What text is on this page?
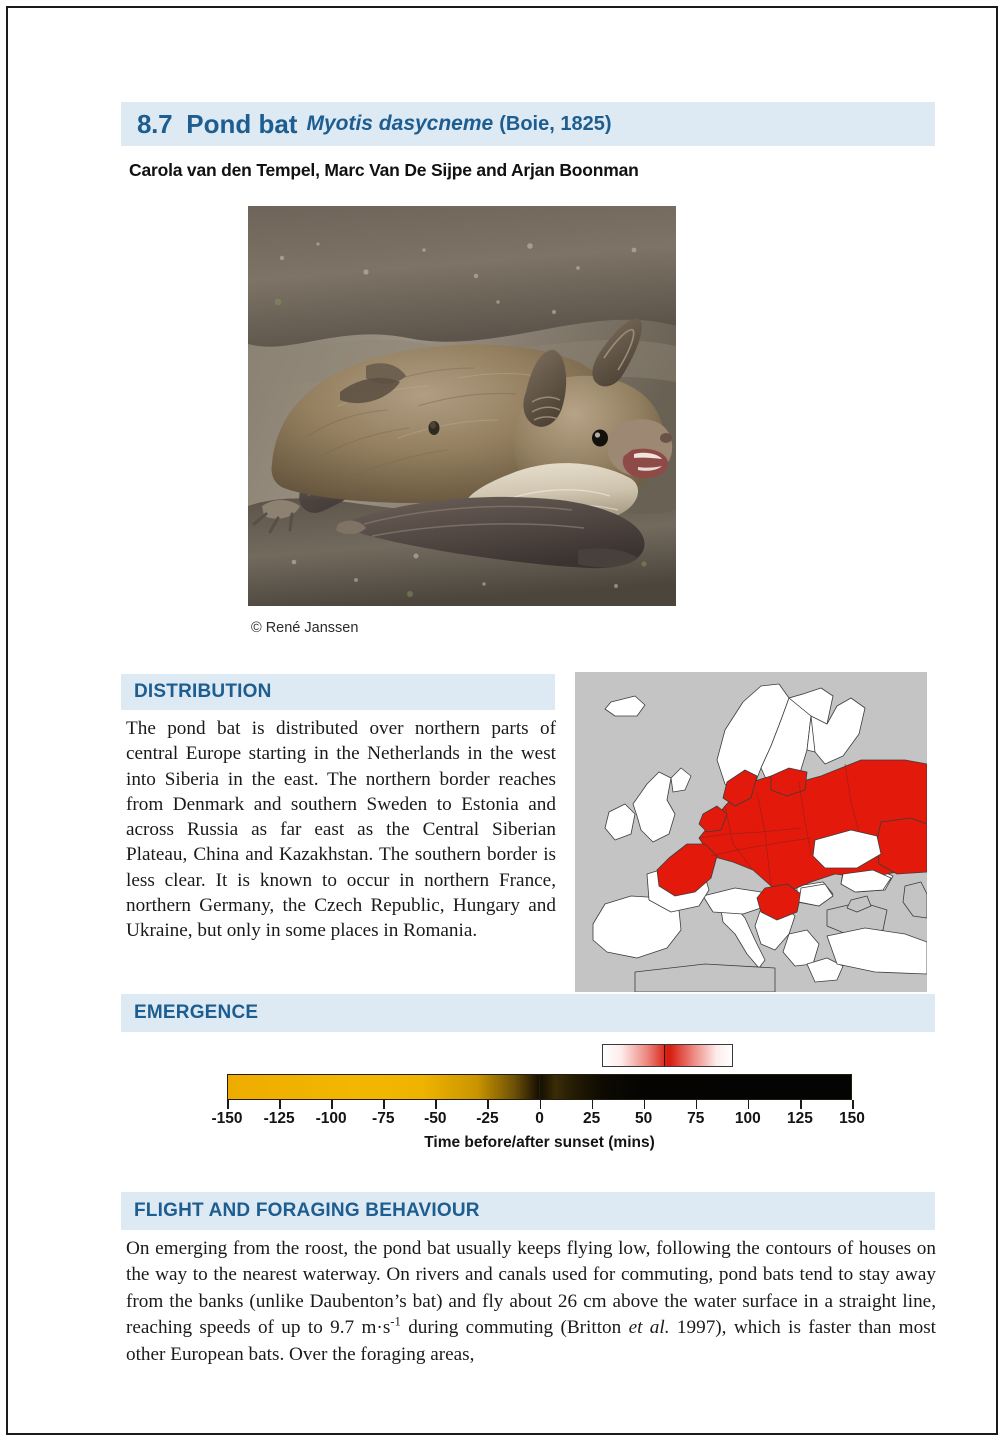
8.7 Pond bat Myotis dasycneme (Boie, 1825)
Carola van den Tempel, Marc Van De Sijpe and Arjan Boonman
© René Janssen
DISTRIBUTION
The pond bat is distributed over northern parts of central Europe starting in the Netherlands in the west into Siberia in the east. The northern border reaches from Denmark and southern Sweden to Estonia and across Russia as far east as the Central Siberian Plateau, China and Kazakhstan. The southern border is less clear. It is known to occur in northern France, northern Germany, the Czech Republic, Hungary and Ukraine, but only in some places in Romania.
EMERGENCE
-150 -125 -100 -75 -50 -25 0	25 50 75 100 125 150
Time before/after sunset (mins)
FLIGHT AND FORAGING BEHAVIOUR
On emerging from the roost, the pond bat usually keeps flying low, following the contours of houses on the way to the nearest waterway. On rivers and canals used for commuting, pond bats tend to stay away from the banks (unlike Daubenton’s bat) and fly about 26 cm above the water surface in a straight line, reaching speeds of up to 9.7 $m\cdot s^{-1}$ during commuting (Britton et al. 1997), which is faster than most other European bats. Over the foraging areas,
